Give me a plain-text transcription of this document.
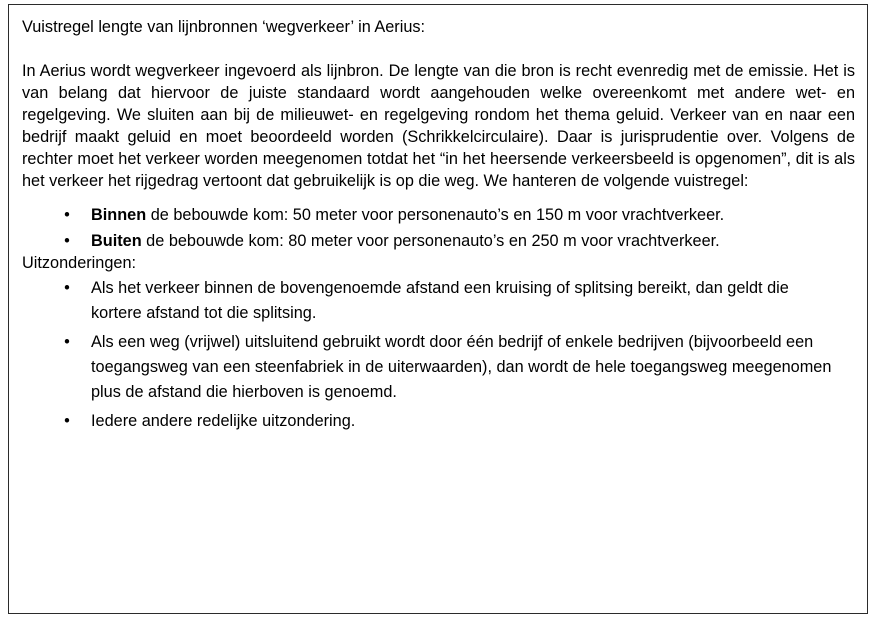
Vuistregel lengte van lijnbronnen ‘wegverkeer’ in Aerius:

In Aerius wordt wegverkeer ingevoerd als lijnbron. De lengte van die bron is recht evenredig met de emissie. Het is van belang dat hiervoor de juiste standaard wordt aangehouden welke overeenkomt met andere wet- en regelgeving. We sluiten aan bij de milieuwet- en regelgeving rondom het thema geluid. Verkeer van en naar een bedrijf maakt geluid en moet beoordeeld worden (Schrikkelcirculaire). Daar is jurisprudentie over. Volgens de rechter moet het verkeer worden meegenomen totdat het “in het heersende verkeersbeeld is opgenomen”, dit is als het verkeer het rijgedrag vertoont dat gebruikelijk is op die weg. We hanteren de volgende vuistregel:

•	Binnen de bebouwde kom: 50 meter voor personenauto’s en 150 m voor vrachtverkeer.
•	Buiten de bebouwde kom: 80 meter voor personenauto’s en 250 m voor vrachtverkeer.

Uitzonderingen:

•	Als het verkeer binnen de bovengenoemde afstand een kruising of splitsing bereikt, dan geldt die kortere afstand tot die splitsing.
•	Als een weg (vrijwel) uitsluitend gebruikt wordt door één bedrijf of enkele bedrijven (bijvoorbeeld een toegangsweg van een steenfabriek in de uiterwaarden), dan wordt de hele toegangsweg meegenomen plus de afstand die hierboven is genoemd.
•	Iedere andere redelijke uitzondering.
